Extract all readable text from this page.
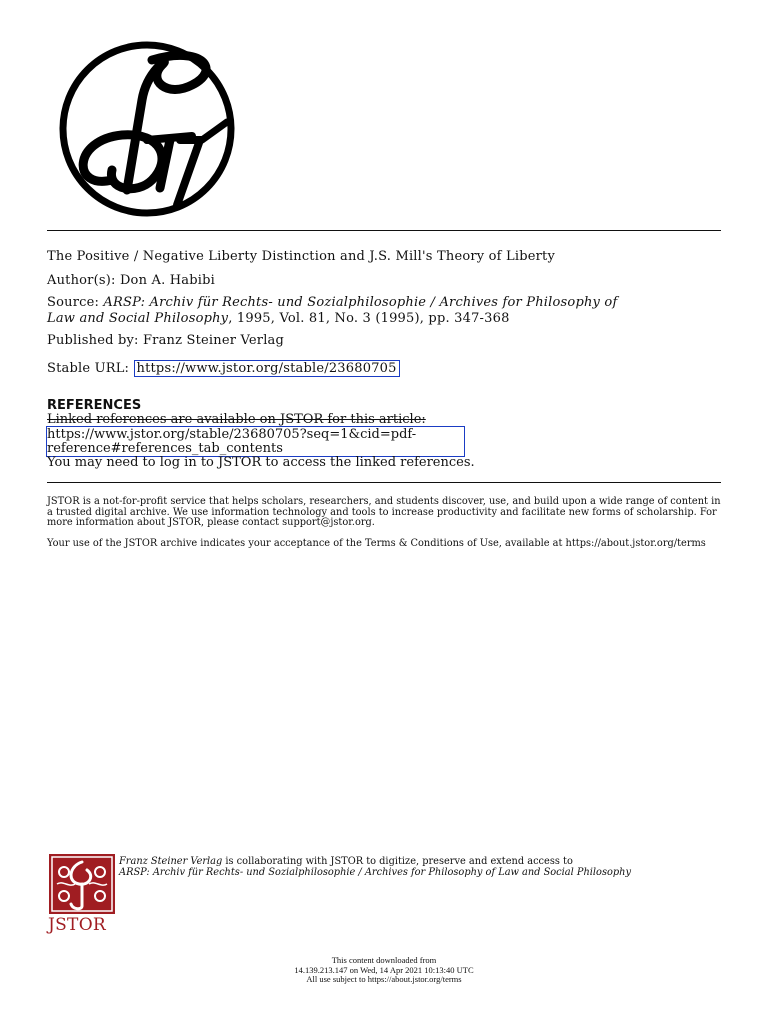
The Positive / Negative Liberty Distinction and J.S. Mill's Theory of Liberty
Author(s): Don A. Habibi
Source: ARSP: Archiv für Rechts- und Sozialphilosophie / Archives for Philosophy of
Law and Social Philosophy, 1995, Vol. 81, No. 3 (1995), pp. 347-368
Published by: Franz Steiner Verlag
Stable URL: https://www.jstor.org/stable/23680705
REFERENCES
Linked references are available on JSTOR for this article:
https://www.jstor.org/stable/23680705?seq=1&cid=pdf-
reference#references_tab_contents
You may need to log in to JSTOR to access the linked references.
JSTOR is a not-for-profit service that helps scholars, researchers, and students discover, use, and build upon a wide range of content in a trusted digital archive. We use information technology and tools to increase productivity and facilitate new forms of scholarship. For more information about JSTOR, please contact support@jstor.org.
Your use of the JSTOR archive indicates your acceptance of the Terms & Conditions of Use, available at https://about.jstor.org/terms
JSTOR
Franz Steiner Verlag is collaborating with JSTOR to digitize, preserve and extend access to
ARSP: Archiv für Rechts- und Sozialphilosophie / Archives for Philosophy of Law and Social Philosophy
This content downloaded from
14.139.213.147 on Wed, 14 Apr 2021 10:13:40 UTC
All use subject to https://about.jstor.org/terms
